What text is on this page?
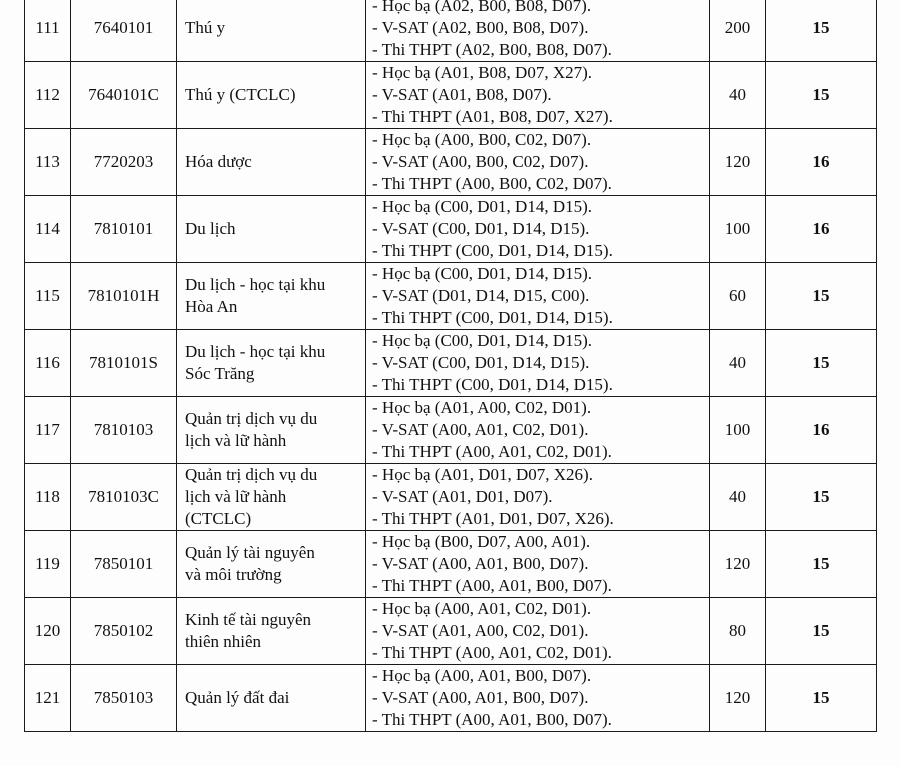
111	7640101	Thú y	- Học bạ (A02, B00, B08, D07).
- V-SAT (A02, B00, B08, D07).
- Thi THPT (A02, B00, B08, D07).	200	15
112	7640101C	Thú y (CTCLC)	- Học bạ (A01, B08, D07, X27).
- V-SAT (A01, B08, D07).
- Thi THPT (A01, B08, D07, X27).	40	15
113	7720203	Hóa dược	- Học bạ (A00, B00, C02, D07).
- V-SAT (A00, B00, C02, D07).
- Thi THPT (A00, B00, C02, D07).	120	16
114	7810101	Du lịch	- Học bạ (C00, D01, D14, D15).
- V-SAT (C00, D01, D14, D15).
- Thi THPT (C00, D01, D14, D15).	100	16
115	7810101H	Du lịch - học tại khu
Hòa An	- Học bạ (C00, D01, D14, D15).
- V-SAT (D01, D14, D15, C00).
- Thi THPT (C00, D01, D14, D15).	60	15
116	7810101S	Du lịch - học tại khu
Sóc Trăng	- Học bạ (C00, D01, D14, D15).
- V-SAT (C00, D01, D14, D15).
- Thi THPT (C00, D01, D14, D15).	40	15
117	7810103	Quản trị dịch vụ du
lịch và lữ hành	- Học bạ (A01, A00, C02, D01).
- V-SAT (A00, A01, C02, D01).
- Thi THPT (A00, A01, C02, D01).	100	16
118	7810103C	Quản trị dịch vụ du
lịch và lữ hành
(CTCLC)	- Học bạ (A01, D01, D07, X26).
- V-SAT (A01, D01, D07).
- Thi THPT (A01, D01, D07, X26).	40	15
119	7850101	Quản lý tài nguyên
và môi trường	- Học bạ (B00, D07, A00, A01).
- V-SAT (A00, A01, B00, D07).
- Thi THPT (A00, A01, B00, D07).	120	15
120	7850102	Kinh tế tài nguyên
thiên nhiên	- Học bạ (A00, A01, C02, D01).
- V-SAT (A01, A00, C02, D01).
- Thi THPT (A00, A01, C02, D01).	80	15
121	7850103	Quản lý đất đai	- Học bạ (A00, A01, B00, D07).
- V-SAT (A00, A01, B00, D07).
- Thi THPT (A00, A01, B00, D07).	120	15
